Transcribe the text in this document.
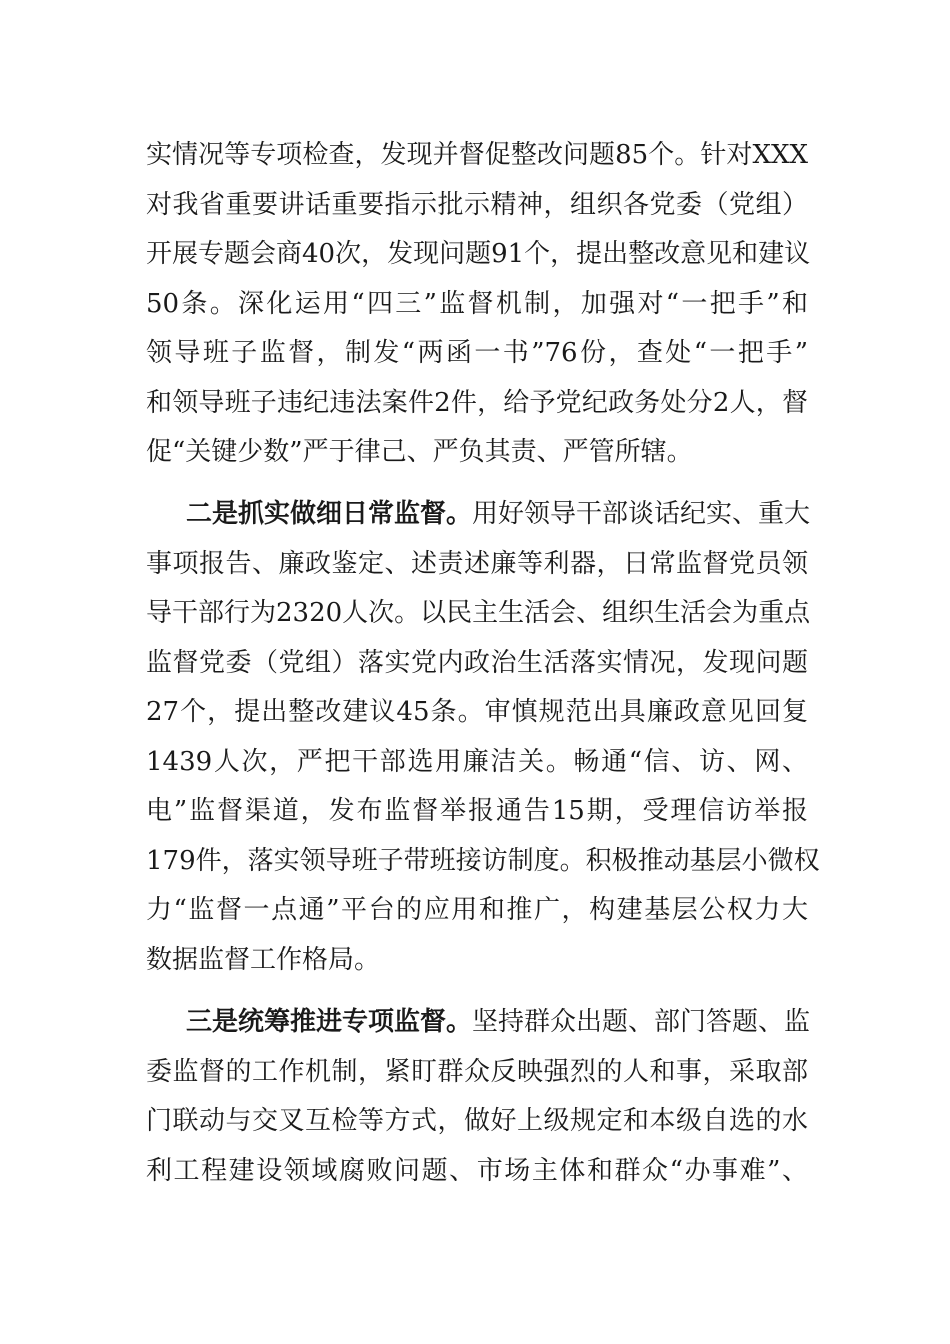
实情况等专项检查，发现并督促整改问题85个。针对XXX
对我省重要讲话重要指示批示精神，组织各党委（党组）
开展专题会商40次，发现问题91个，提出整改意见和建议
50条。深化运用“四三”监督机制，加强对“一把手”和
领导班子监督，制发“两函一书”76份，查处“一把手”
和领导班子违纪违法案件2件，给予党纪政务处分2人，督
促“关键少数”严于律己、严负其责、严管所辖。
二是抓实做细日常监督。用好领导干部谈话纪实、重大
事项报告、廉政鉴定、述责述廉等利器，日常监督党员领
导干部行为2320人次。以民主生活会、组织生活会为重点
监督党委（党组）落实党内政治生活落实情况，发现问题
27个，提出整改建议45条。审慎规范出具廉政意见回复
1439人次，严把干部选用廉洁关。畅通“信、访、网、
电”监督渠道，发布监督举报通告15期，受理信访举报
179件，落实领导班子带班接访制度。积极推动基层小微权
力“监督一点通”平台的应用和推广，构建基层公权力大
数据监督工作格局。
三是统筹推进专项监督。坚持群众出题、部门答题、监
委监督的工作机制，紧盯群众反映强烈的人和事，采取部
门联动与交叉互检等方式，做好上级规定和本级自选的水
利工程建设领域腐败问题、市场主体和群众“办事难”、
